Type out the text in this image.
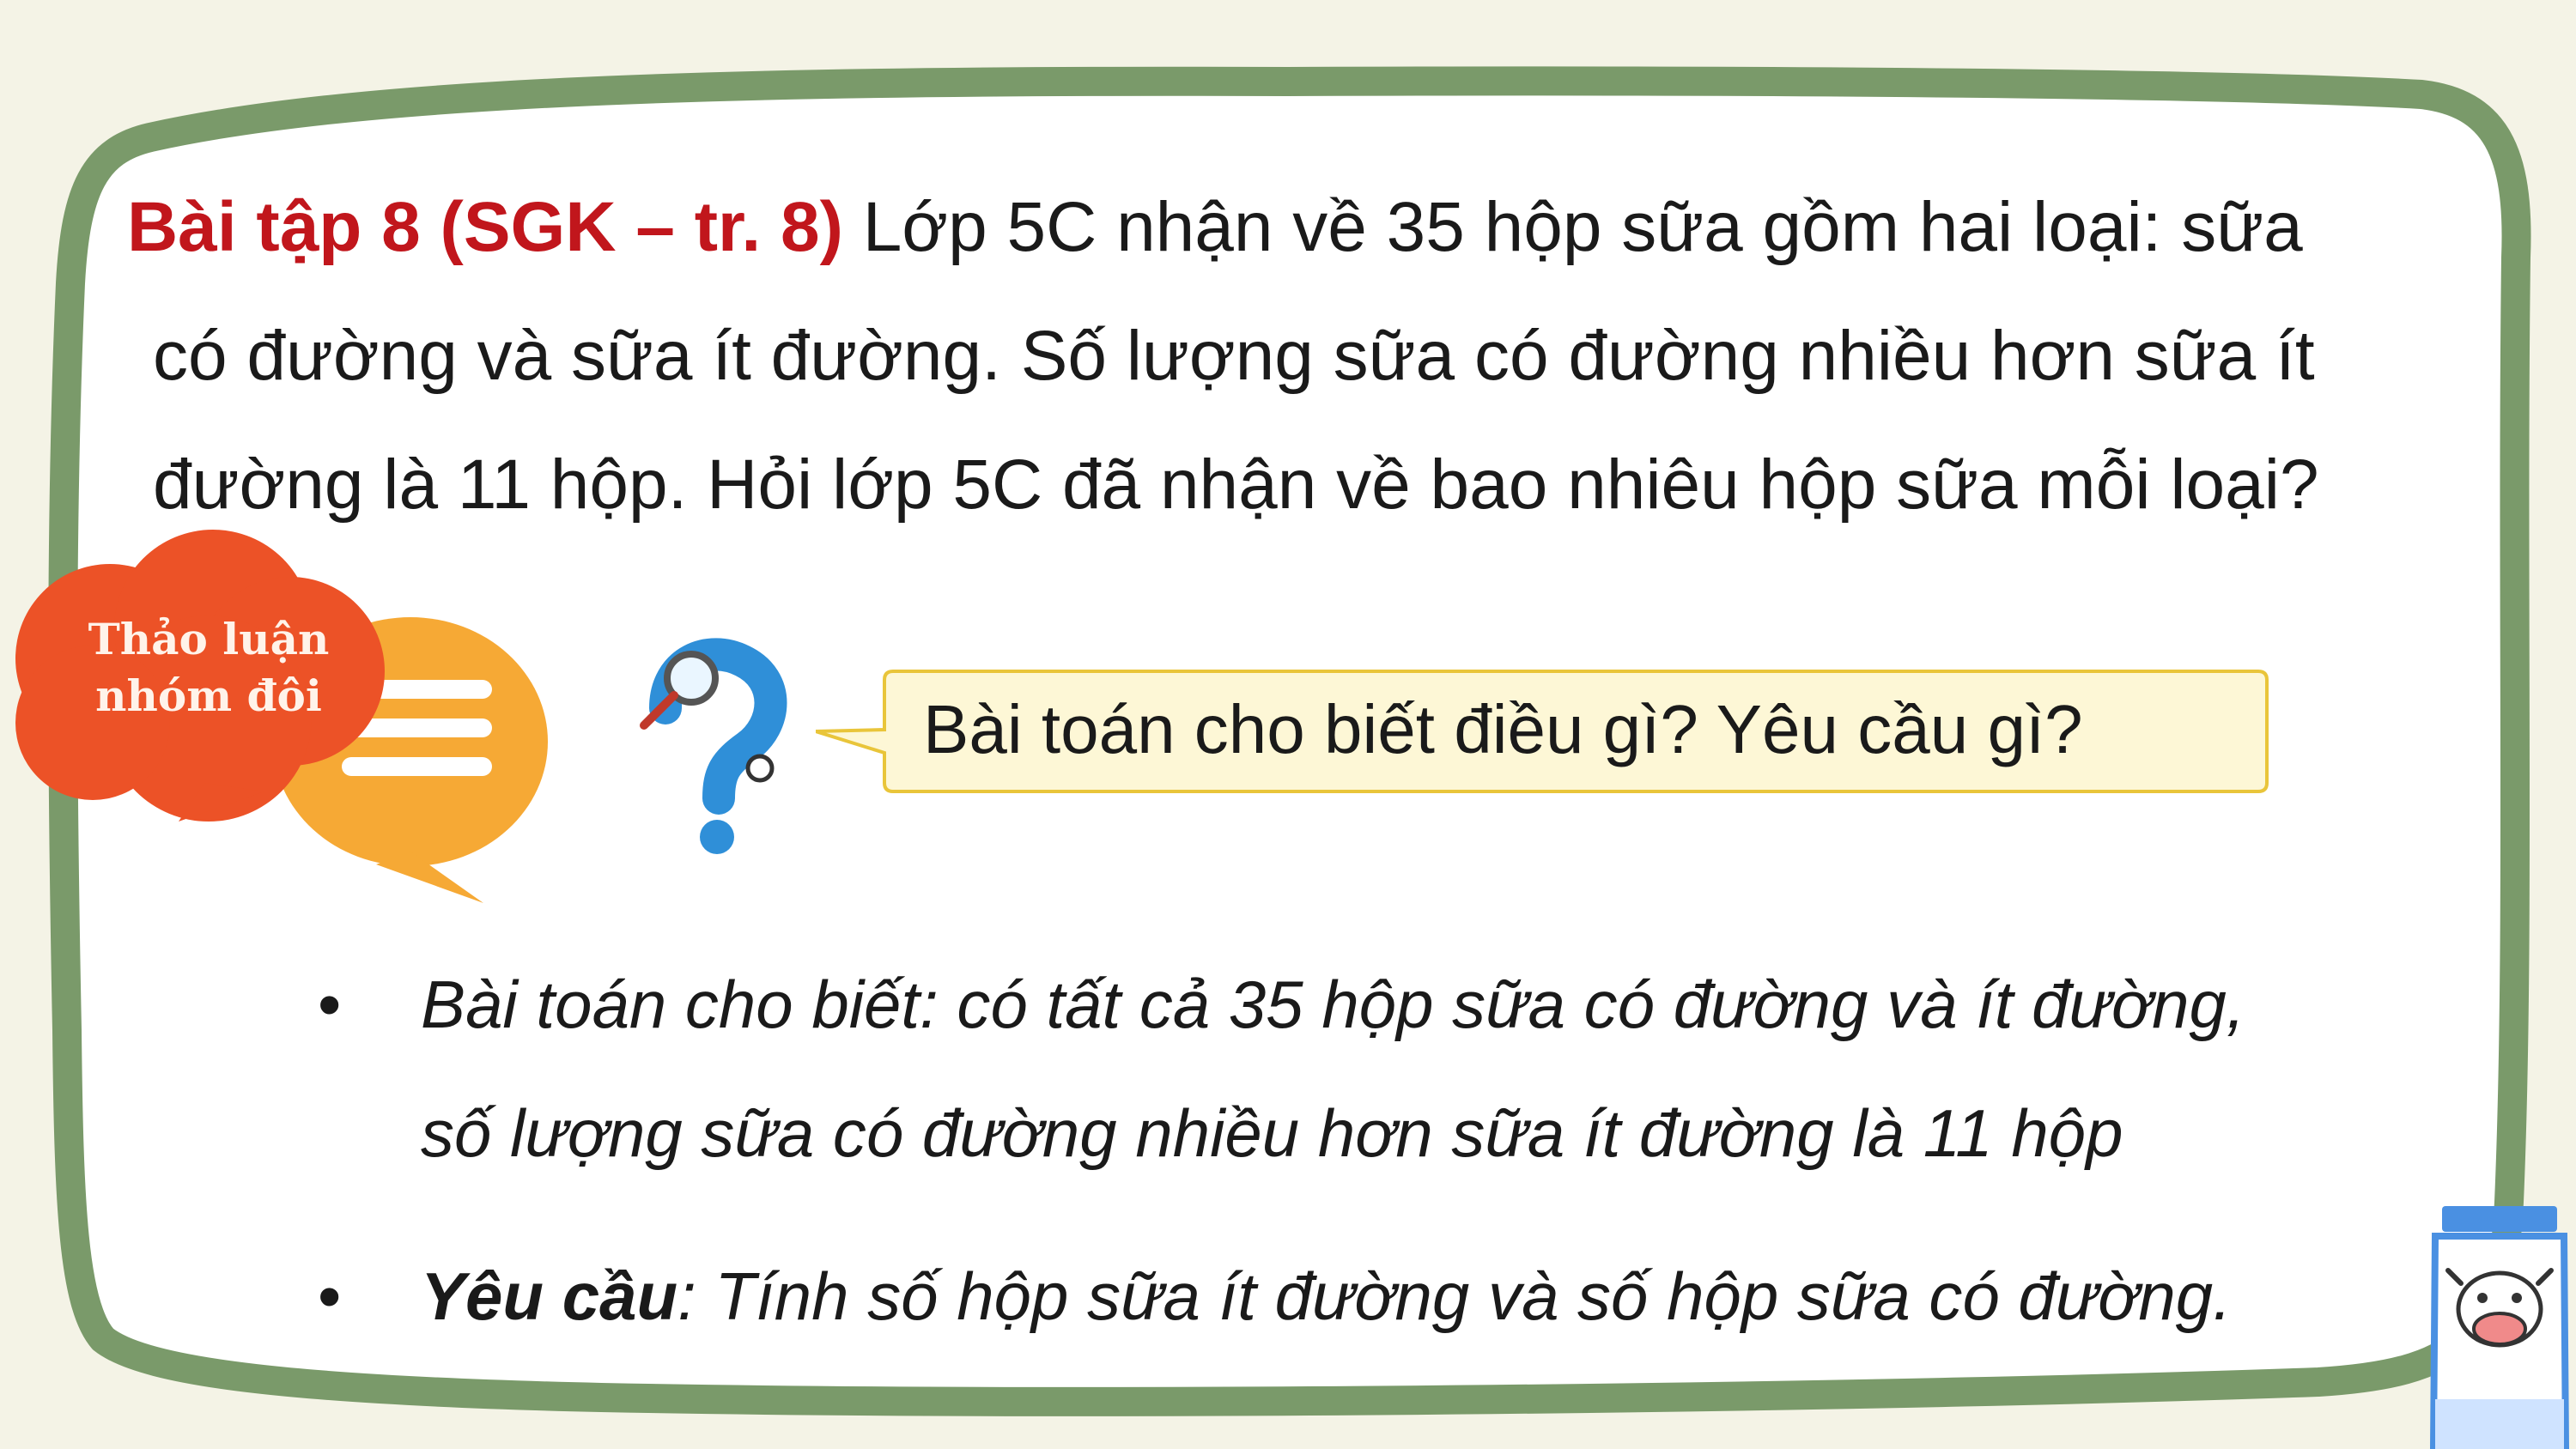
Bài tập 8 (SGK – tr. 8) Lớp 5C nhận về 35 hộp sữa gồm hai loại: sữa
có đường và sữa ít đường. Số lượng sữa có đường nhiều hơn sữa ít
đường là 11 hộp. Hỏi lớp 5C đã nhận về bao nhiêu hộp sữa mỗi loại?
Thảo luận
nhóm đôi	Bài toán cho biết điều gì? Yêu cầu gì?
• Bài toán cho biết: có tất cả 35 hộp sữa có đường và ít đường,
số lượng sữa có đường nhiều hơn sữa ít đường là 11 hộp
• Yêu cầu: Tính số hộp sữa ít đường và số hộp sữa có đường.
